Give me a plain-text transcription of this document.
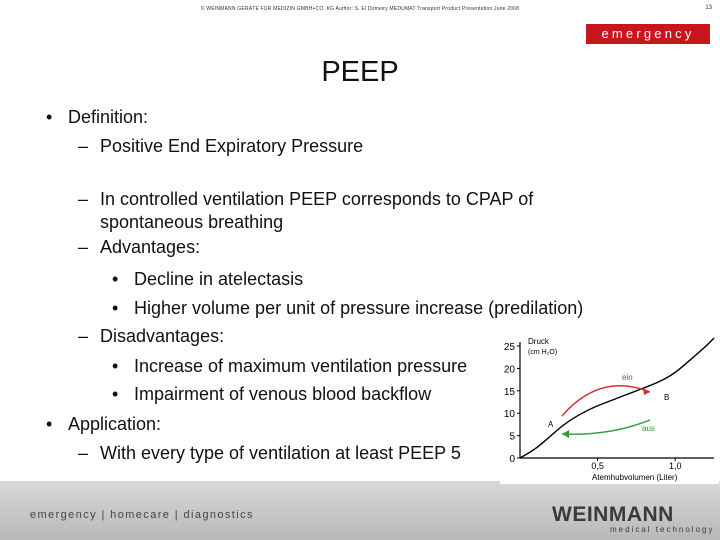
© WEINMANN GERÄTE FÜR MEDIZIN GMBH+CO. KG Author: S. El Domeiry MEDUMAT Transport Product Presentation June 2008	13
emergency
PEEP
• Definition:
– Positive End Expiratory Pressure
– In controlled ventilation PEEP corresponds to CPAP of
spontaneous breathing
– Advantages:
• Decline in atelectasis
• Higher volume per unit of pressure increase (predilation)
– Disadvantages:
• Increase of maximum ventilation pressure
• Impairment of venous blood backflow
• Application:
– With every type of ventilation at least PEEP 5
emergency | homecare | diagnostics	WEINMANN
medical technology
Druck
(cm H₂O)
Atemhubvolumen (Liter)
0
5
10
15
20
25
0,5	1,0
ein
aus
A
B
